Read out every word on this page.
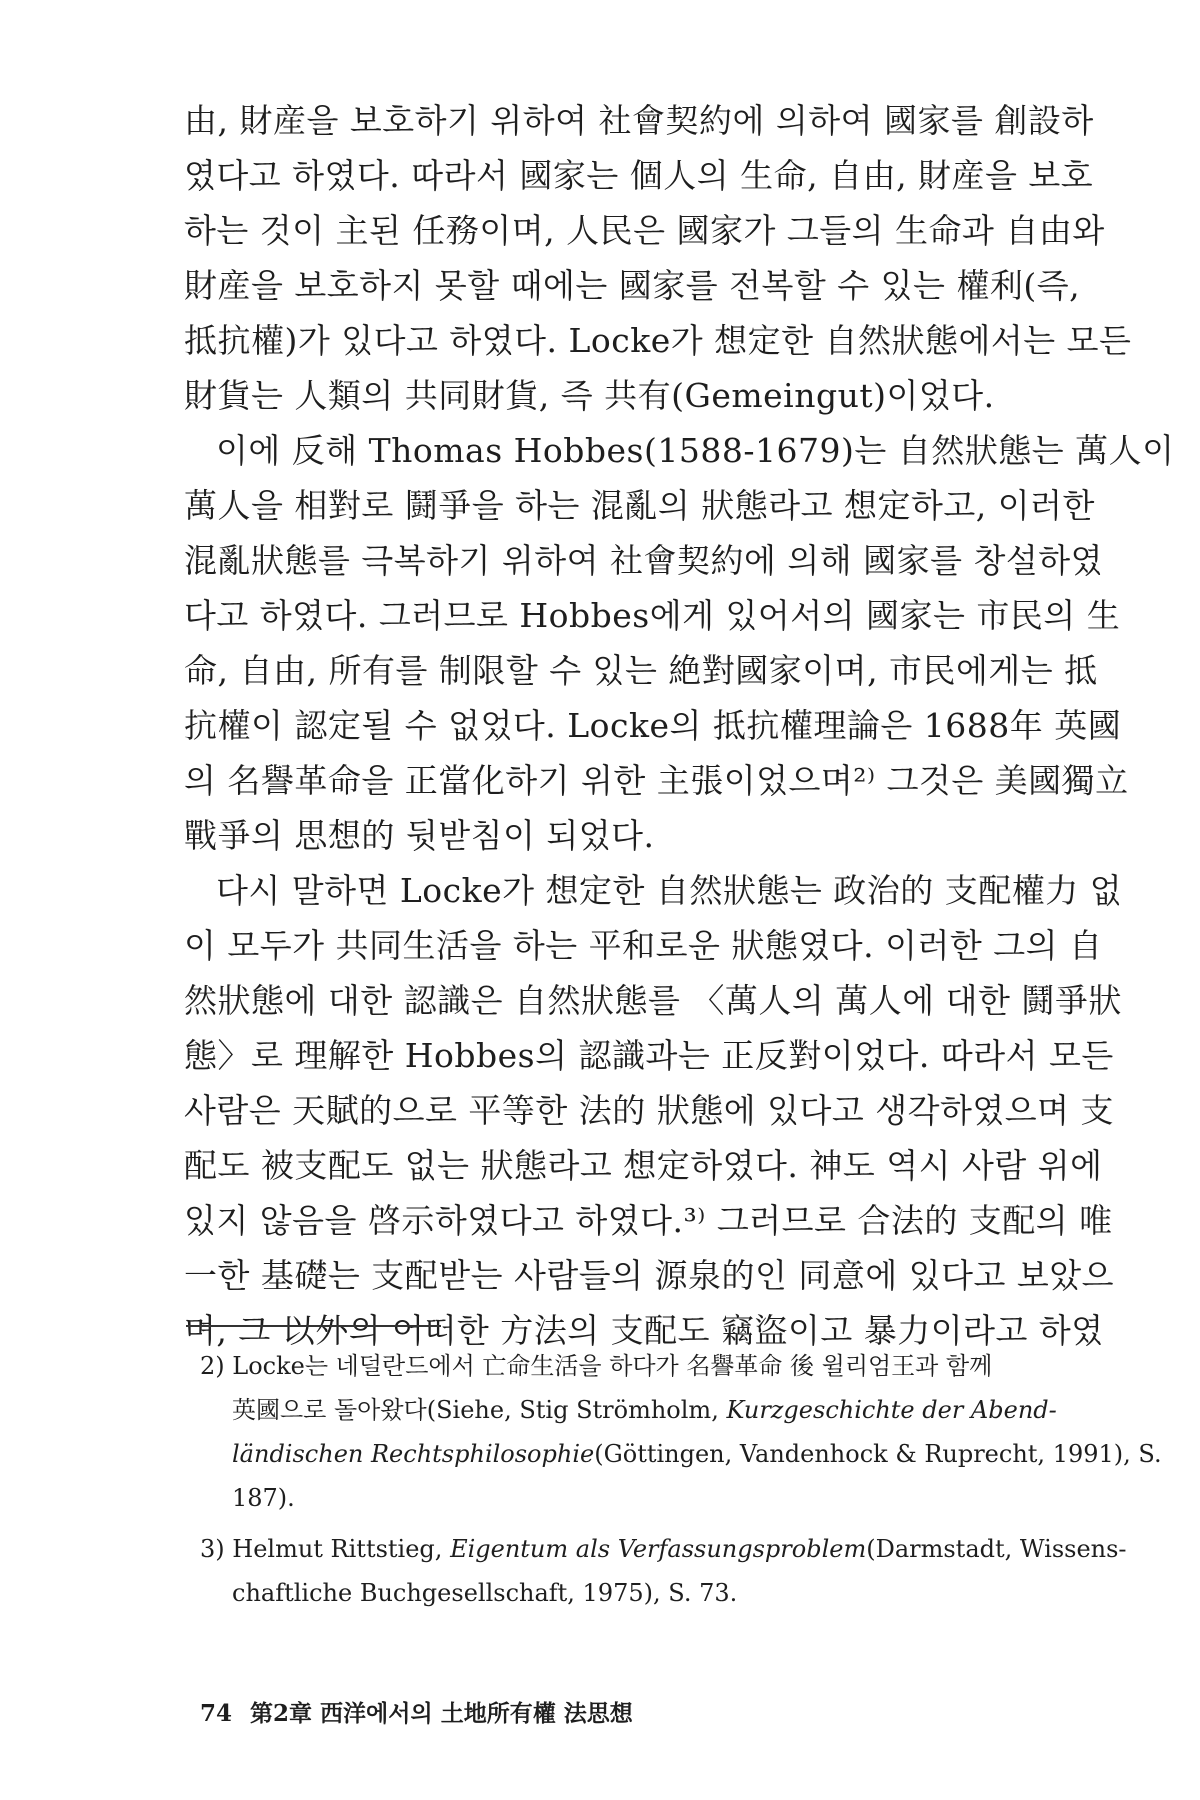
由, 財産을 보호하기 위하여 社會契約에 의하여 國家를 創設하
였다고 하였다. 따라서 國家는 個人의 生命, 自由, 財産을 보호
하는 것이 主된 任務이며, 人民은 國家가 그들의 生命과 自由와
財産을 보호하지 못할 때에는 國家를 전복할 수 있는 權利(즉,
抵抗權)가 있다고 하였다. Locke가 想定한 自然狀態에서는 모든
財貨는 人類의 共同財貨, 즉 共有(Gemeingut)이었다.
이에 反해 Thomas Hobbes(1588-1679)는 自然狀態는 萬人이
萬人을 相對로 鬪爭을 하는 混亂의 狀態라고 想定하고, 이러한
混亂狀態를 극복하기 위하여 社會契約에 의해 國家를 창설하였
다고 하였다. 그러므로 Hobbes에게 있어서의 國家는 市民의 生
命, 自由, 所有를 制限할 수 있는 絶對國家이며, 市民에게는 抵
抗權이 認定될 수 없었다. Locke의 抵抗權理論은 1688年 英國
의 名譽革命을 正當化하기 위한 主張이었으며²⁾ 그것은 美國獨立
戰爭의 思想的 뒷받침이 되었다.
다시 말하면 Locke가 想定한 自然狀態는 政治的 支配權力 없
이 모두가 共同生活을 하는 平和로운 狀態였다. 이러한 그의 自
然狀態에 대한 認識은 自然狀態를 〈萬人의 萬人에 대한 鬪爭狀
態〉로 理解한 Hobbes의 認識과는 正反對이었다. 따라서 모든
사람은 天賦的으로 平等한 法的 狀態에 있다고 생각하였으며 支
配도 被支配도 없는 狀態라고 想定하였다. 神도 역시 사람 위에
있지 않음을 啓示하였다고 하였다.³⁾ 그러므로 合法的 支配의 唯
一한 基礎는 支配받는 사람들의 源泉的인 同意에 있다고 보았으
며, 그 以外의 어떠한 方法의 支配도 竊盜이고 暴力이라고 하였
2) Locke는 네덜란드에서 亡命生活을 하다가 名譽革命 後 윌리엄王과 함께
英國으로 돌아왔다(Siehe, Stig Strömholm, Kurzgeschichte der Abend-
ländischen Rechtsphilosophie(Göttingen, Vandenhock & Ruprecht, 1991), S.
187).
3) Helmut Rittstieg, Eigentum als Verfassungsproblem(Darmstadt, Wissens-
chaftliche Buchgesellschaft, 1975), S. 73.
74 第2章 西洋에서의 土地所有權 法思想
